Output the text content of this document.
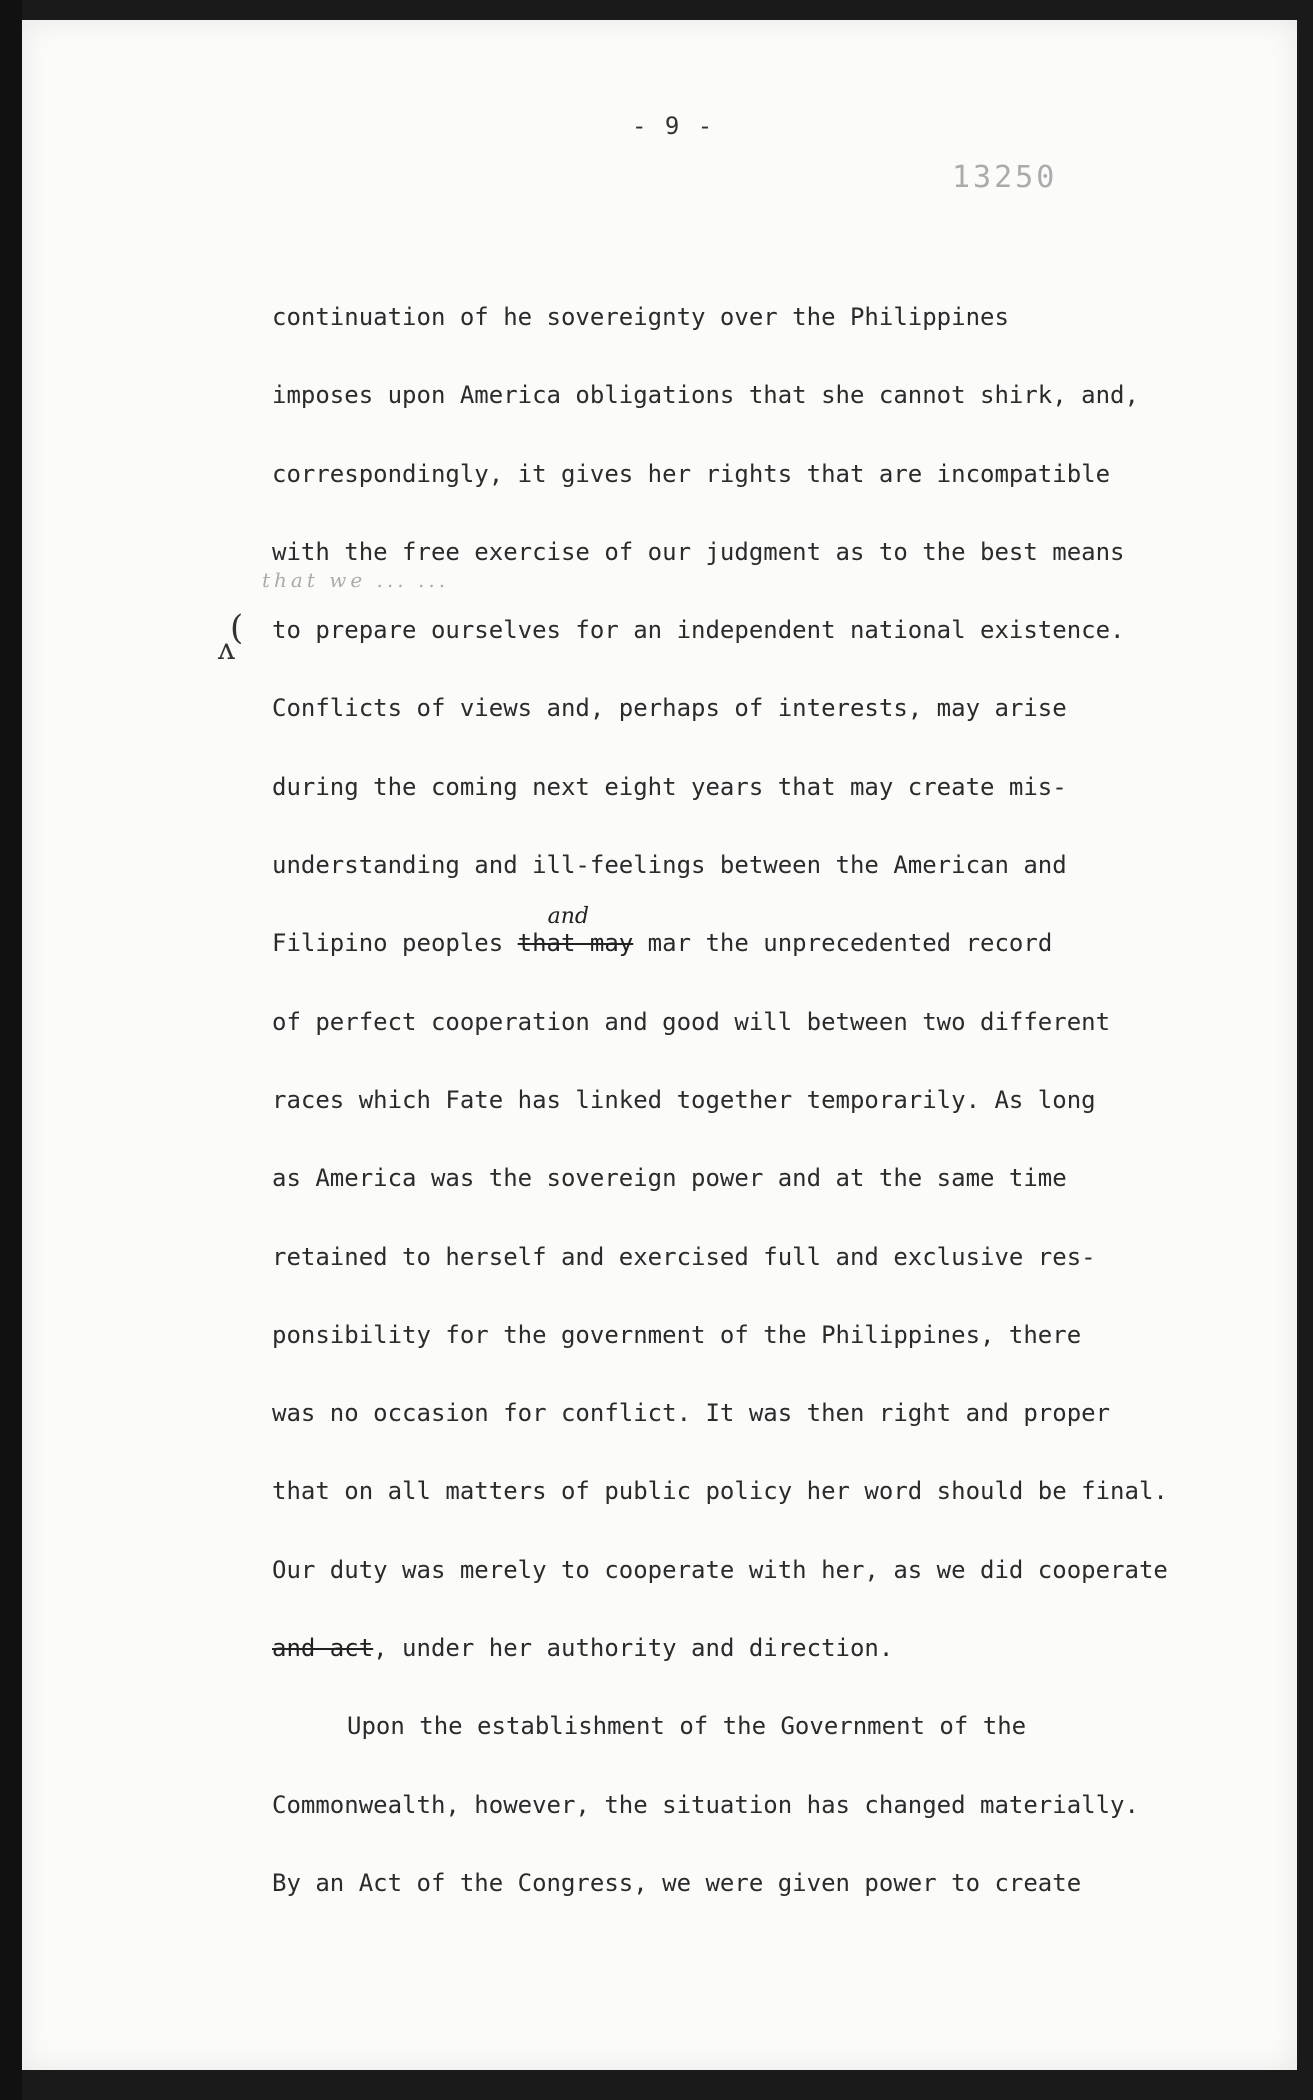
- 9 -
13250
that we ... ...
(
ʌ
continuation of he sovereignty over the Philippines
imposes upon America obligations that she cannot shirk, and,
correspondingly, it gives her rights that are incompatible
with the free exercise of our judgment as to the best means
to prepare ourselves for an independent national existence.
Conflicts of views and, perhaps of interests, may arise
during the coming next eight years that may create mis-
understanding and ill-feelings between the American and
Filipino peoples
and
that may mar the unprecedented record
of perfect cooperation and good will between two different
races which Fate has linked together temporarily. As long
as America was the sovereign power and at the same time
retained to herself and exercised full and exclusive res-
ponsibility for the government of the Philippines, there
was no occasion for conflict. It was then right and proper
that on all matters of public policy her word should be final.
Our duty was merely to cooperate with her, as we did cooperate
and act, under her authority and direction.
Upon the establishment of the Government of the
Commonwealth, however, the situation has changed materially.
By an Act of the Congress, we were given power to create
